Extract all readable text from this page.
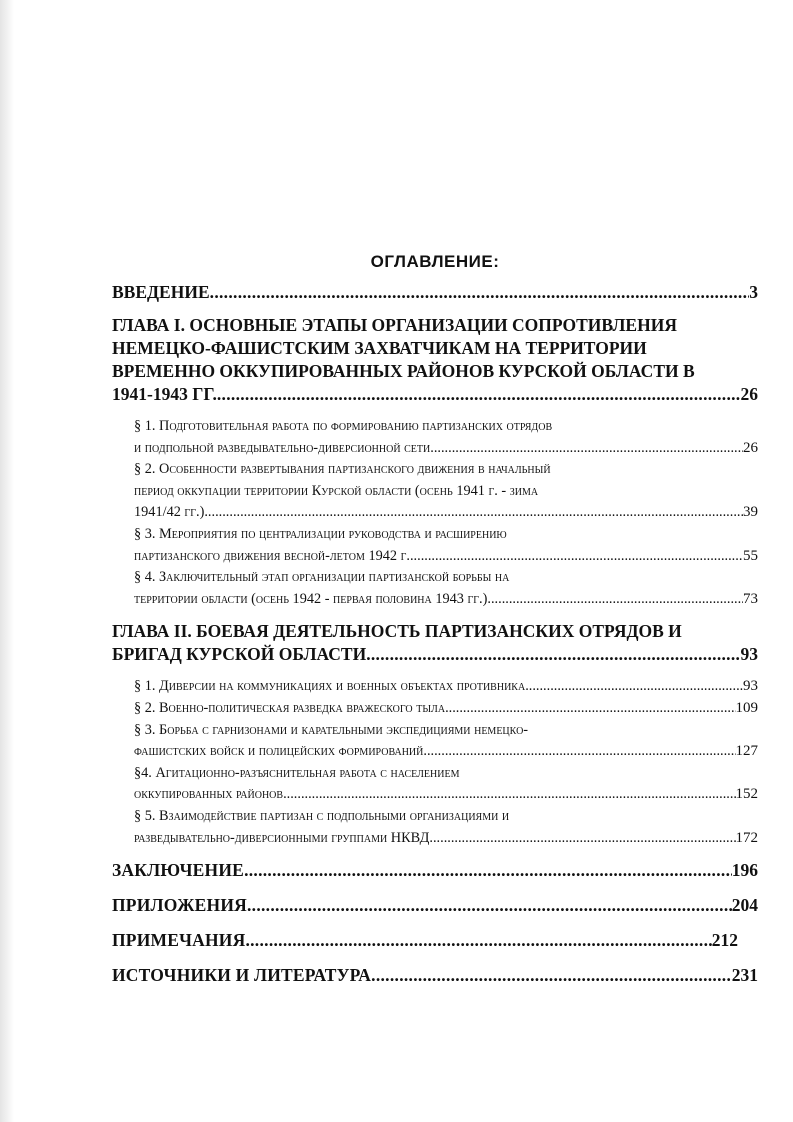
ОГЛАВЛЕНИЕ:
ВВЕДЕНИЕ .....	3
ГЛАВА I. ОСНОВНЫЕ ЭТАПЫ ОРГАНИЗАЦИИ СОПРОТИВЛЕНИЯ
НЕМЕЦКО-ФАШИСТСКИМ ЗАХВАТЧИКАМ НА ТЕРРИТОРИИ
ВРЕМЕННО ОККУПИРОВАННЫХ РАЙОНОВ КУРСКОЙ ОБЛАСТИ В
1941-1943 ГГ. .....	26
§ 1. Подготовительная работа по формированию партизанских отрядов
и подпольной разведывательно-диверсионной сети .....	26
§ 2. Особенности развертывания партизанского движения в начальный
период оккупации территории Курской области (осень 1941 г. - зима
1941/42 гг.) .....	39
§ 3. Мероприятия по централизации руководства и расширению
партизанского движения весной-летом 1942 г. .....	55
§ 4. Заключительный этап организации партизанской борьбы на
территории области (осень 1942 - первая половина 1943 гг.) .....	73
ГЛАВА II. БОЕВАЯ ДЕЯТЕЛЬНОСТЬ ПАРТИЗАНСКИХ ОТРЯДОВ И
БРИГАД КУРСКОЙ ОБЛАСТИ .....	93
§ 1. Диверсии на коммуникациях и военных объектах противника .....	93
§ 2. Военно-политическая разведка вражеского тыла .....	109
§ 3. Борьба с гарнизонами и карательными экспедициями немецко-
фашистских войск и полицейских формирований .....	127
§4. Агитационно-разъяснительная работа с населением
оккупированных районов .....	152
§ 5. Взаимодействие партизан с подпольными организациями и
разведывательно-диверсионными группами НКВД .....	172
ЗАКЛЮЧЕНИЕ .....	196
ПРИЛОЖЕНИЯ .....	204
ПРИМЕЧАНИЯ .....	212
ИСТОЧНИКИ И ЛИТЕРАТУРА .....	231
